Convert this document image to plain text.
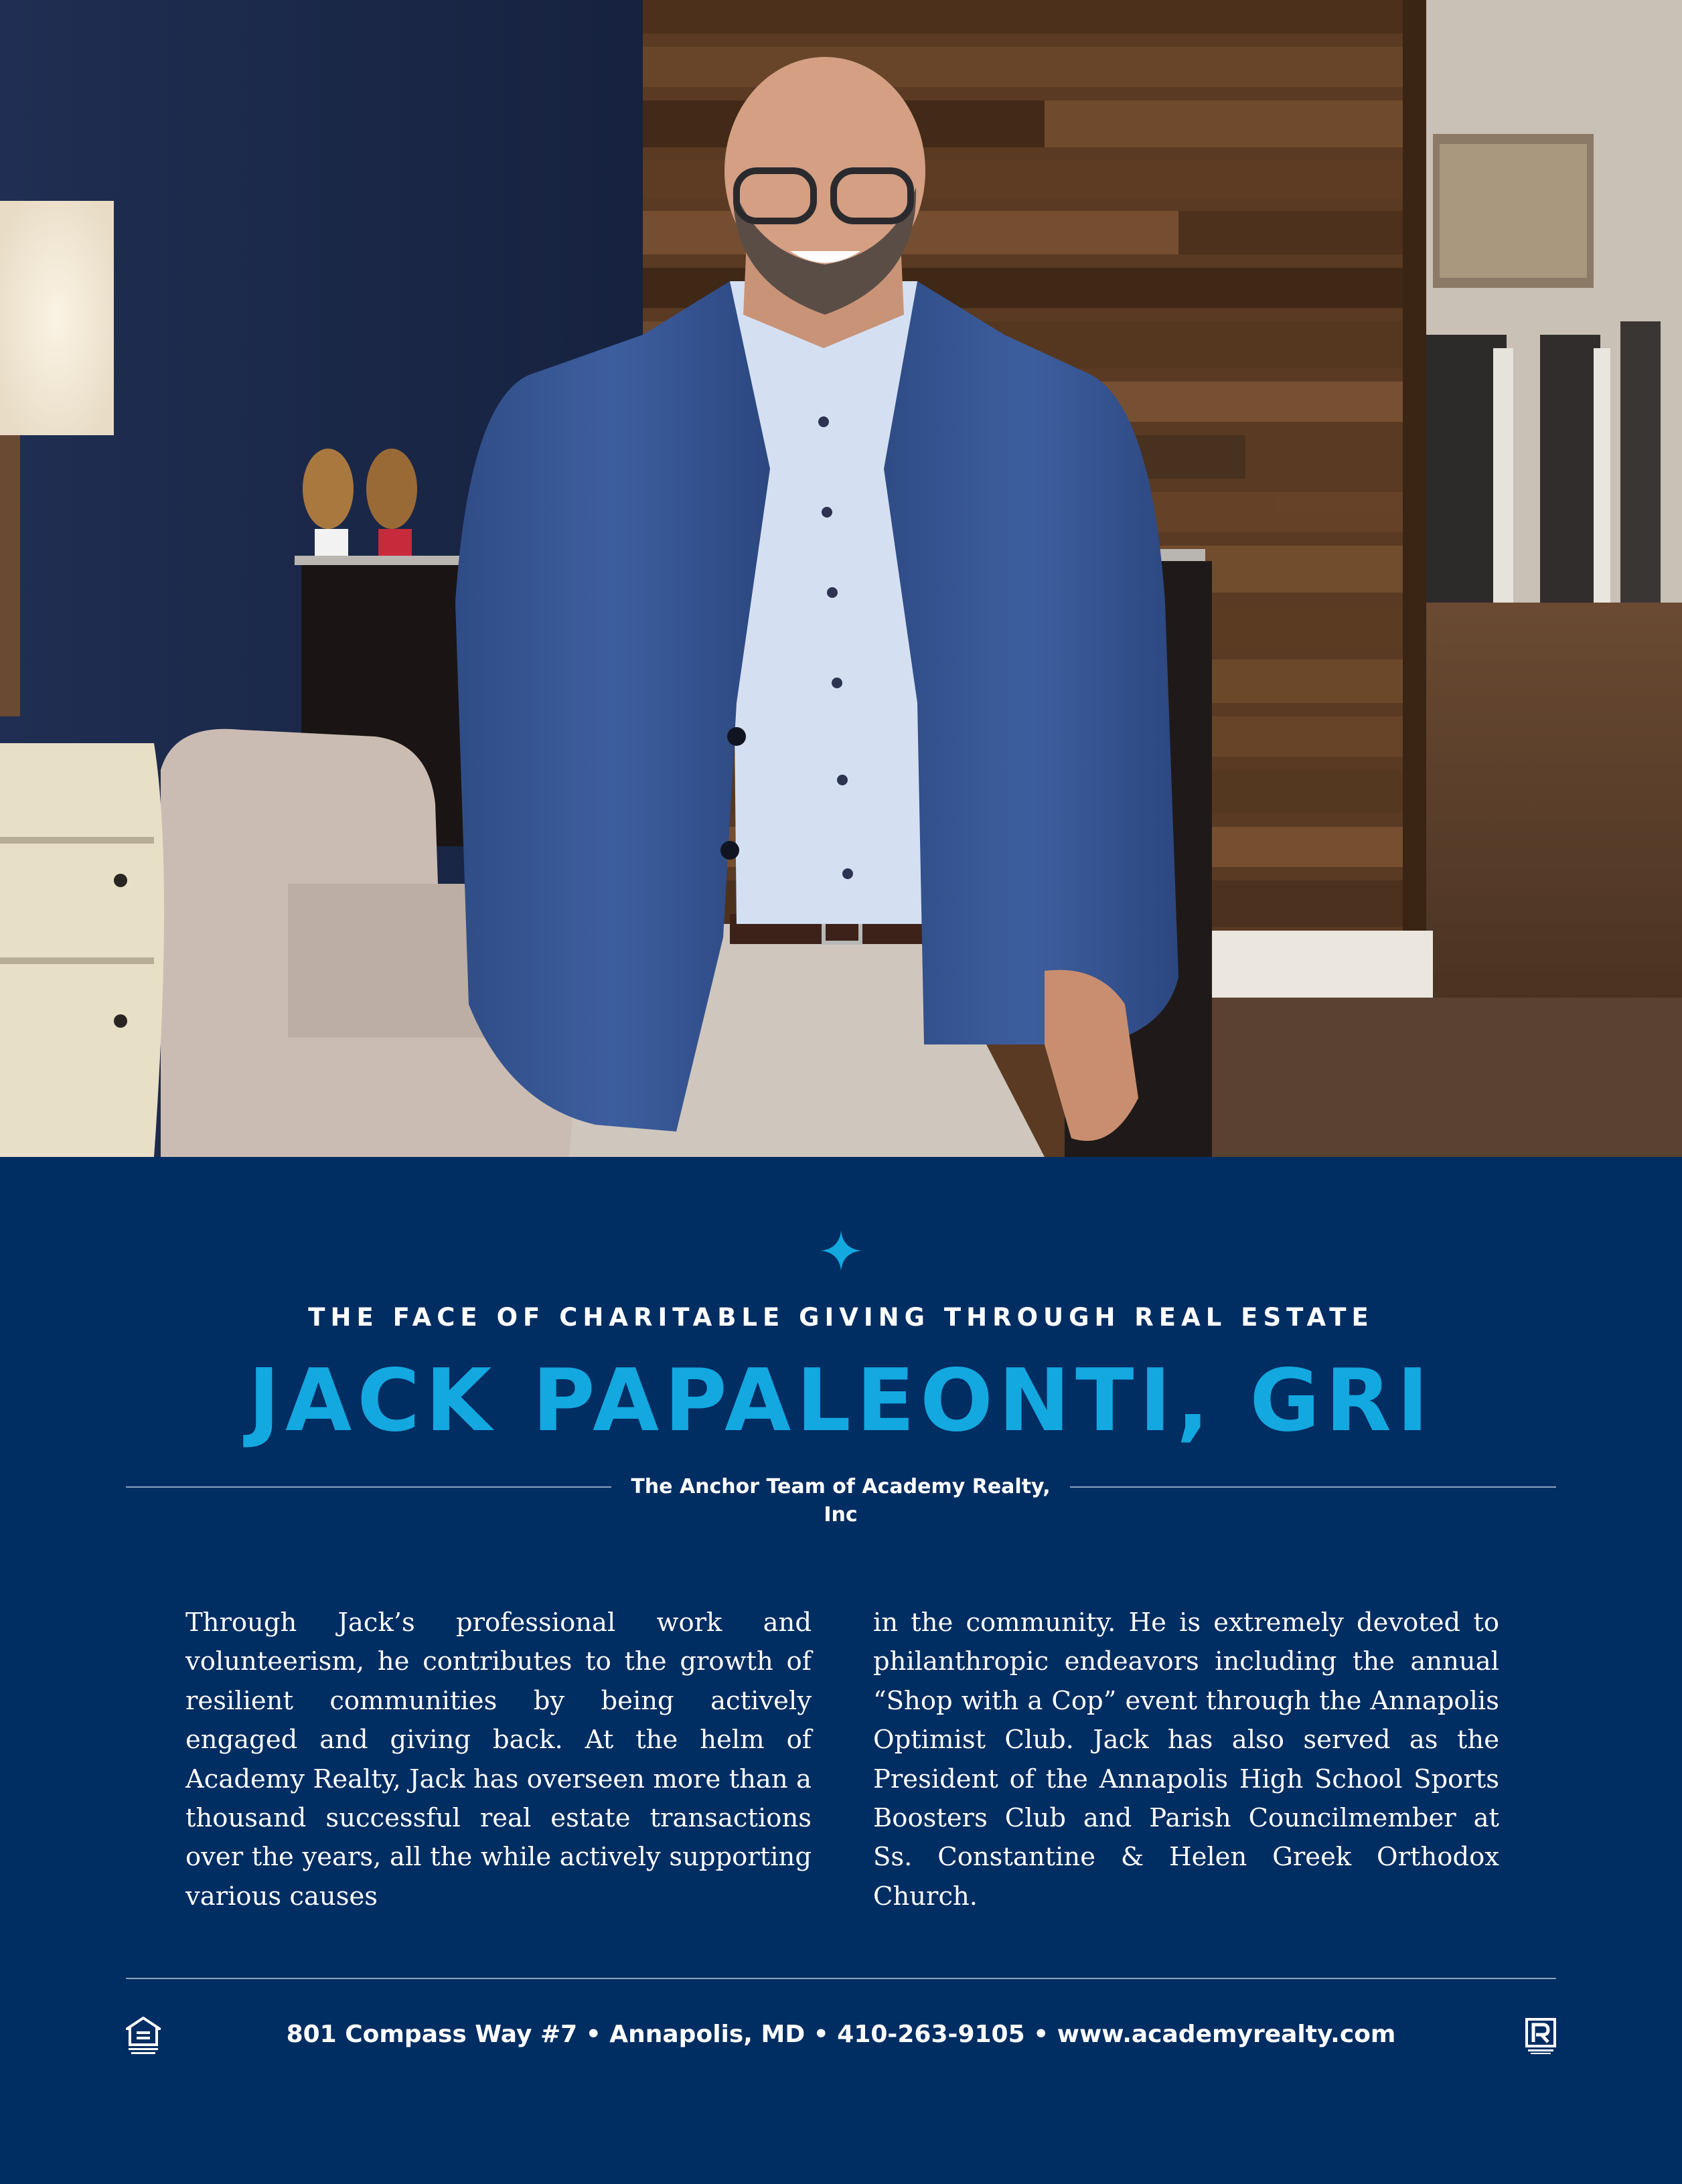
THE FACE OF CHARITABLE GIVING THROUGH REAL ESTATE
JACK PAPALEONTI, GRI
The Anchor Team of Academy Realty, Inc

Through Jack’s professional work and volunteerism, he contributes to the growth of resilient communities by being actively engaged and giving back. At the helm of Academy Realty, Jack has overseen more than a thousand successful real estate transactions over the years, all the while actively supporting various causes

in the community. He is extremely devoted to philanthropic endeavors including the annual “Shop with a Cop” event through the Annapolis Optimist Club. Jack has also served as the President of the Annapolis High School Sports Boosters Club and Parish Councilmember at Ss. Constantine & Helen Greek Orthodox Church.

801 Compass Way #7 • Annapolis, MD • 410-263-9105 • www.academyrealty.com
